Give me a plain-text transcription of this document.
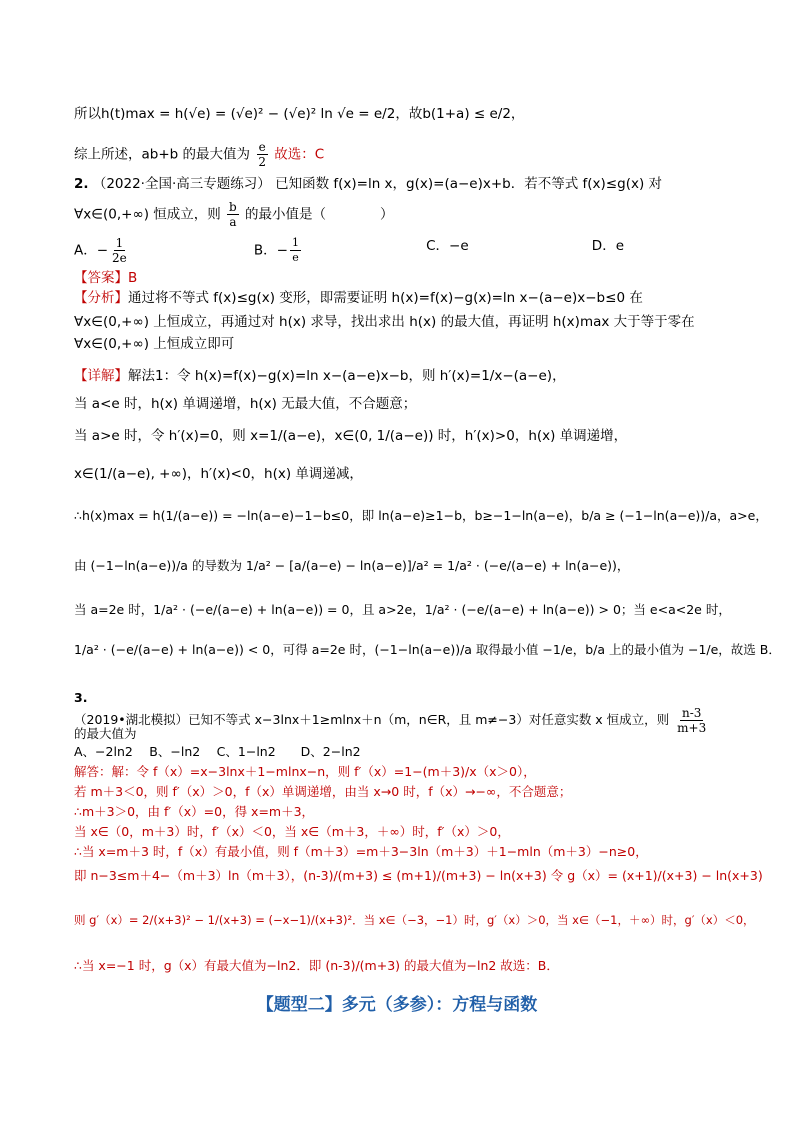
所以h(t)max = h(√e) = (√e)² − (√e)² ln √e = e/2，故b(1+a) ≤ e/2，
综上所述，ab+b 的最大值为 $\frac{e}{2}$ 故选：C
2. （2022·全国·高三专题练习） 已知函数 f(x)=ln x，g(x)=(a−e)x+b．若不等式 f(x)≤g(x) 对
∀x∈(0,+∞) 恒成立，则 $\frac{b}{a}$ 的最小值是（　　　　）
A．− $\frac{1}{2e}$	B．− $\frac{1}{e}$	C．−e	D．e
【答案】B
【分析】通过将不等式 f(x)≤g(x) 变形，即需要证明 h(x)=f(x)−g(x)=ln x−(a−e)x−b≤0 在
∀x∈(0,+∞) 上恒成立，再通过对 h(x) 求导，找出求出 h(x) 的最大值，再证明 h(x)max 大于等于零在
∀x∈(0,+∞) 上恒成立即可
【详解】解法1：令 h(x)=f(x)−g(x)=ln x−(a−e)x−b，则 h′(x)=1/x−(a−e)，
当 a<e 时，h(x) 单调递增，h(x) 无最大值，不合题意；
当 a>e 时，令 h′(x)=0，则 x=1/(a−e)，x∈(0, 1/(a−e)) 时，h′(x)>0，h(x) 单调递增，
x∈(1/(a−e), +∞)，h′(x)<0，h(x) 单调递减，
∴h(x)max = h(1/(a−e)) = −ln(a−e)−1−b≤0，即 ln(a−e)≥1−b，b≥−1−ln(a−e)，b/a ≥ (−1−ln(a−e))/a，a>e，
由 (−1−ln(a−e))/a 的导数为 1/a² − [a/(a−e) − ln(a−e)]/a² = 1/a² · (−e/(a−e) + ln(a−e))，
当 a=2e 时，1/a² · (−e/(a−e) + ln(a−e)) = 0，且 a>2e，1/a² · (−e/(a−e) + ln(a−e)) > 0；当 e<a<2e 时，
1/a² · (−e/(a−e) + ln(a−e)) < 0，可得 a=2e 时，(−1−ln(a−e))/a 取得最小值 −1/e，b/a 上的最小值为 −1/e，故选 B．
3.
（2019•湖北模拟）已知不等式 x−3lnx＋1≥mlnx＋n（m，n∈R，且 m≠−3）对任意实数 x 恒成立，则 $\frac{n-3}{m+3}$
的最大值为
A、−2ln2　 B、−ln2　 C、1−ln2　　D、2−ln2
解答：解：令 f（x）=x−3lnx＋1−mlnx−n，则 f′（x）=1−(m＋3)/x（x＞0），
若 m＋3＜0，则 f′（x）＞0，f（x）单调递增，由当 x→0 时，f（x）→−∞，不合题意；
∴m＋3＞0，由 f′（x）=0，得 x=m＋3，
当 x∈（0，m＋3）时，f′（x）＜0，当 x∈（m＋3，＋∞）时，f′（x）＞0，
∴当 x=m＋3 时，f（x）有最小值，则 f（m＋3）=m＋3−3ln（m＋3）＋1−mln（m＋3）−n≥0，
即 n−3≤m＋4−（m＋3）ln（m＋3），(n-3)/(m+3) ≤ (m+1)/(m+3) − ln(x+3) 令 g（x）= (x+1)/(x+3) − ln(x+3)
则 g′（x）= 2/(x+3)² − 1/(x+3) = (−x−1)/(x+3)²．当 x∈（−3，−1）时，g′（x）＞0，当 x∈（−1，＋∞）时，g′（x）＜0，
∴当 x=−1 时，g（x）有最大值为−ln2．即 (n-3)/(m+3) 的最大值为−ln2 故选：B．
【题型二】多元（多参）：方程与函数
